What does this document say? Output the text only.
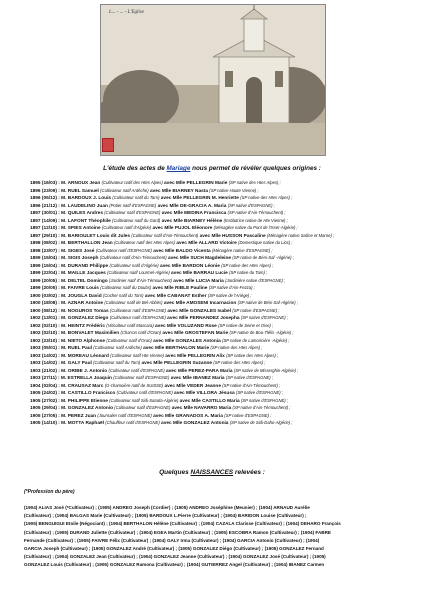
L... - ... - L'Eglise
L'étude des actes de Mariage nous permet de révéler quelques origines :
1895 (16/03) : M. ARNOUX Jean (Cultivateur natif des Htes Alpes) avec Mlle PELLEGRIN Marie (SP native des Htes Alpes) ;
1896 (23/09) : M. RUEL Samuel (Cultivateur natif Ardèche) avec Mlle BIARNEY Nasta (SP native Haute Vienne) ;
1896 (05/12) : M. BARDOUX J. Louis (Cultivateur natif du Tarn) avec Mlle PELLEGRIN M. Henriette (SP native des Htes Alpes) ;
1896 (21/12) : M. LAUDELINO Juan (Potier natif d'ESPAGNE) avec Mlle DE-GRACIA A. Maria (SP native d'ESPAGNE) ;
1897 (30/01) : M. QUILES Andres (Cultivateur natif d'ESPAGNE) avec Mlle MEDINA Francisca (SP native d'Ain-Témouchent) ;
1897 (14/09) : M. LAFONT Théophile (Cultivateur natif du Gard) avec Mlle BIARNEY Hélène (Institutrice native de Hte Vienne) ;
1897 (12/10) : M. SPIES Antoine (Cultivateur natif d'Algérie) avec Mlle PUJOL Eléonore (Ménagère native du Pont de l'Isser-Algérie) ;
1897 (29/10) : M. BARIOULET Louis dit Jules (Cultivateur natif d'Ain-Témouchent) avec Mlle HUSSON Pascaline (Ménagère native Saône et Marne) ;
1898 (08/02) : M. BERTHALLON Jean (Cultivateur natif des Htes Alpes) avec Mlle ALLARD Victoire (Domestique native du Lioc) ;
1898 (23/07) : M. SIGES José (Cultivateur natif d'ESPAGNE) avec Mlle BALDO Vicenta (Ménagère native d'ESPAGNE) ;
1899 (15/04) : M. SIGIS Joseph (Cultivateur natif d'Ain-Témouchent) avec Mlle SUCH Magdeleine (SP native de Béni-Saf -Algérie) ;
1899 (15/04) : M. DURAND Philippe (Cultivateur natif d'Algérie) avec Mlle BARDON Léonie (SP native des Htes Alpes) ;
1899 (22/04) : M. MAILLE Jacques (Cultivateur natif Lourmel-Algérie) avec Mlle BARRAU Lucie (SP native du Tarn) ;
1899 (20/05) : M. DELTEL Domingo (Jardinier natif d'Ain-Témouchent) avec Mlle LUCIA Maria (Jardinière native d'ESPAGNE) ;
1899 (20/05) : M. FAIVRE Louis (Cultivateur natif du Doubs) avec Mlle RIBLE Pauline (SP native d'Ain-Fezza) ;
1900 (03/02) : M. JOUGLA David (Cocher natif du Tarn) avec Mlle CABANAT Esther (SP native de l'Ariège) ;
1900 (18/08) : M. AZNAR Antoine (Cultivateur natif de Bel-Abbès) avec Mlle AMOSENI Incarnacion (SP native de Béni-Saf-Algérie) ;
1900 (08/12) : M. NOGUROS Tomas (Cultivateur natif d'ESPAGNE) avec Mlle GONZALES Isabel (SP native d'ESPAGNE) ;
1902 (13/01) : M. GONZALEZ Diego (Cultivateur natif d'ESPAGNE) avec Mlle FERNANDEZ Josepha (SP native d'ESPAGNE) ;
1902 (02/10) : M. HEINTZ Frédéric (Viticulteur natif Mascara) avec Mlle VOLUZAND Rose (SP native de Seine et Oise) ;
1902 (02/10) : M. BONVALET Maximilien (Charron natif d'Oran) avec Mlle GROSTEFAN Marie (SP native de Bou-Tlélis -Algérie) ;
1902 (23/10) : M. NIETO Alphonse (Cultivateur natif d'Oran) avec Mlle GONZALES Antonia (SP native de Lamoricière -Algérie) ;
1903 (05/01) : M. RUEL Paul (Cultivateur natif Ardèche) avec Mlle BERTHALON Marie (SP native des Htes Alpes) ;
1903 (14/02) : M. MOREAU Léonard (Cultivateur natif Hte Vienne) avec Mlle PELLEGRIN Alix (SP native des Htes Alpes) ;
1903 (14/02) : M. GALY Paul (Cultivateur natif du Tarn) avec Mlle PELLEGRIN Suzanne (SP native des Htes Alpes) ;
1903 (21/02) : M. ORIBE J. Antonio (Cultivateur natif d'ESPAGNE) avec Mlle PEREZ-PARA Maria (SP native de Misserghin-Algérie) ;
1903 (27/11) : M. ESTRELLA Joaquin (Cultivateur natif d'ESPAGNE) avec Mlle IBANEZ Maria (SP native d'ESPAGNE) ;
1904 (02/04) : M. CRAUSAZ Marc (G-chamoière natif de SUISSE) avec Mlle VEDER Jeanne (SP native d'Ain-Témouchent) ;
1905 (24/02) : M. CASTILLO Francisco (Cultivateur natif d'ESPAGNE) avec Mlle VILLORA Jésusa (SP native d'ESPAGNE) ;
1905 (27/02) : M. PHILIPPE Etienne (Cultivateur natif Sidi-Saïada-Algérie) avec Mlle CASTILLO Maria (SP native d'ESPAGNE) ;
1905 (29/04) : M. GONZALEZ Antonio (Cultivateur natif d'ESPAGNE) avec Mlle NAVARRO Maria (SP native d'Ain-Témouchent) ;
1905 (27/05) : M. PEREZ Juan (Journalier natif d'ESPAGNE) avec Mlle GRANADOS A. Maria (SP native d'ESPAGNE) ;
1905 (14/10) : M. MOTTA Raphaël (Chauffeur natif d'ESPAGNE) avec Mlle GONZALEZ Antonia (SP native de Sidi-Daho-Algérie) ;
Quelques NAISSANCES relevées :
(*Profession du père)
(1904) ALIAS José (*Cultivateur) ; (1905) ANDREO Joseph (Cordier) ; (1905) ANDREO Joséphine (Meunier) ; (1904) ARNAUD Aurélie
(Cultivateur) ; (1904) BALGAS Marie (Cultivateur) ; (1905) BARDOUX L.Pierre (Cultivateur) ; (1904) BARIDON Louise (Cultivateur) ;
(1905) BENGUIGUI Etoile (Négociant) ; (1904) BERTHALON Hélène (Cultivateur) ; (1904) CAZALA Clarisse (Cultivateur) ; (1904) DEHARO François
(Cultivateur) ; (1905) DURAND Juliette (Cultivateur) ; (1904) EGEA Martin (Cultivateur) ; (1905) ESCOBRA Ramon (Cultivateur) ; (1904) FABRE
Fernande (Cultivateur) ; (1905) FAIVRE Félix (Cultivateur) ; (1904) GALY Irma (Cultivateur) ; (1904) GARCIA Antonio (Cultivateur) ; (1904)
GARCIA Joseph (Cultivateur) ; (1905) GONZALEZ André (Cultivateur) ; (1905) GONZALEZ Diégo (Cultivateur) ; (1905) GONZALEZ Fernand
(Cultivateur) ; (1904) GONZALEZ Jean (Cultivateur) ; (1904) GONZALEZ Jeanne (Cultivateur) ; (1904) GONZALEZ José (Cultivateur) ; (1905)
GONZALEZ Louis (Cultivateur) ; (1905) GONZALEZ Ramona (Cultivateur) ; (1904) GUTIERREZ Angel (Cultivateur) ; (1904) IBANEZ Carmen
